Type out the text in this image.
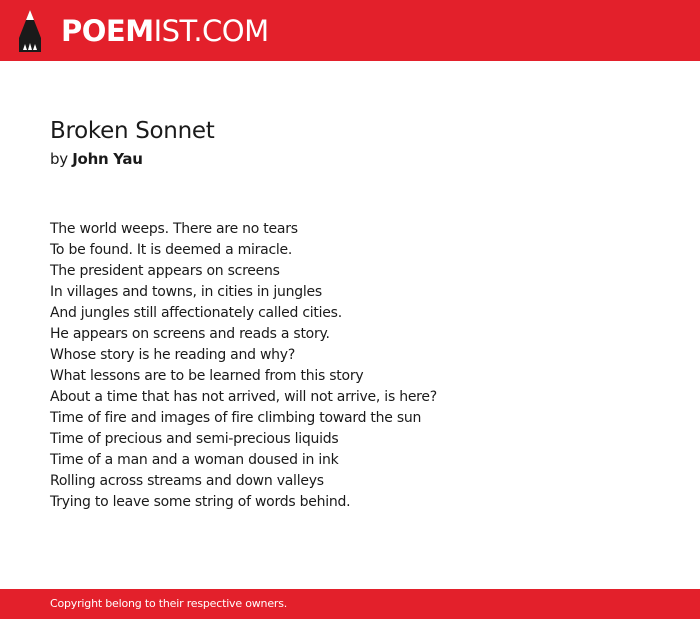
POEMIST.COM
Broken Sonnet
by John Yau
The world weeps. There are no tears
To be found. It is deemed a miracle.
The president appears on screens
In villages and towns, in cities in jungles
And jungles still affectionately called cities.
He appears on screens and reads a story.
Whose story is he reading and why?
What lessons are to be learned from this story
About a time that has not arrived, will not arrive, is here?
Time of fire and images of fire climbing toward the sun
Time of precious and semi-precious liquids
Time of a man and a woman doused in ink
Rolling across streams and down valleys
Trying to leave some string of words behind.
Copyright belong to their respective owners.
